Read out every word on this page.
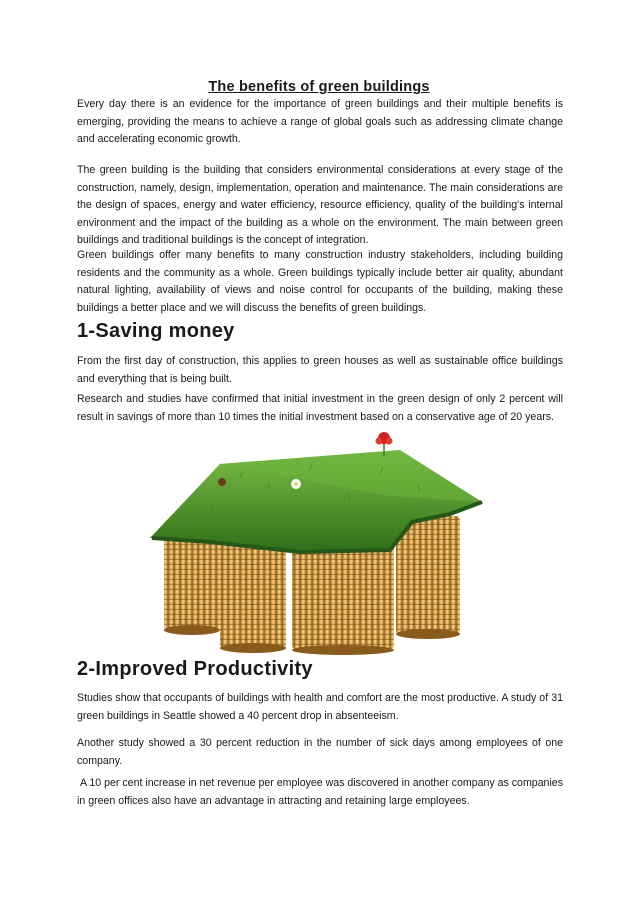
The benefits of green buildings

Every day there is an evidence for the importance of green buildings and their multiple benefits is emerging, providing the means to achieve a range of global goals such as addressing climate change and accelerating economic growth.

The green building is the building that considers environmental considerations at every stage of the construction, namely, design, implementation, operation and maintenance. The main considerations are the design of spaces, energy and water efficiency, resource efficiency, quality of the building's internal environment and the impact of the building as a whole on the environment. The main between green buildings and traditional buildings is the concept of integration.

Green buildings offer many benefits to many construction industry stakeholders, including building residents and the community as a whole. Green buildings typically include better air quality, abundant natural lighting, availability of views and noise control for occupants of the building, making these buildings a better place and we will discuss the benefits of green buildings.

1-Saving money

From the first day of construction, this applies to green houses as well as sustainable office buildings and everything that is being built.

Research and studies have confirmed that initial investment in the green design of only 2 percent will result in savings of more than 10 times the initial investment based on a conservative age of 20 years.

2-Improved Productivity

Studies show that occupants of buildings with health and comfort are the most productive. A study of 31 green buildings in Seattle showed a 40 percent drop in absenteeism.

Another study showed a 30 percent reduction in the number of sick days among employees of one company.

A 10 per cent increase in net revenue per employee was discovered in another company as companies in green offices also have an advantage in attracting and retaining large employees.
